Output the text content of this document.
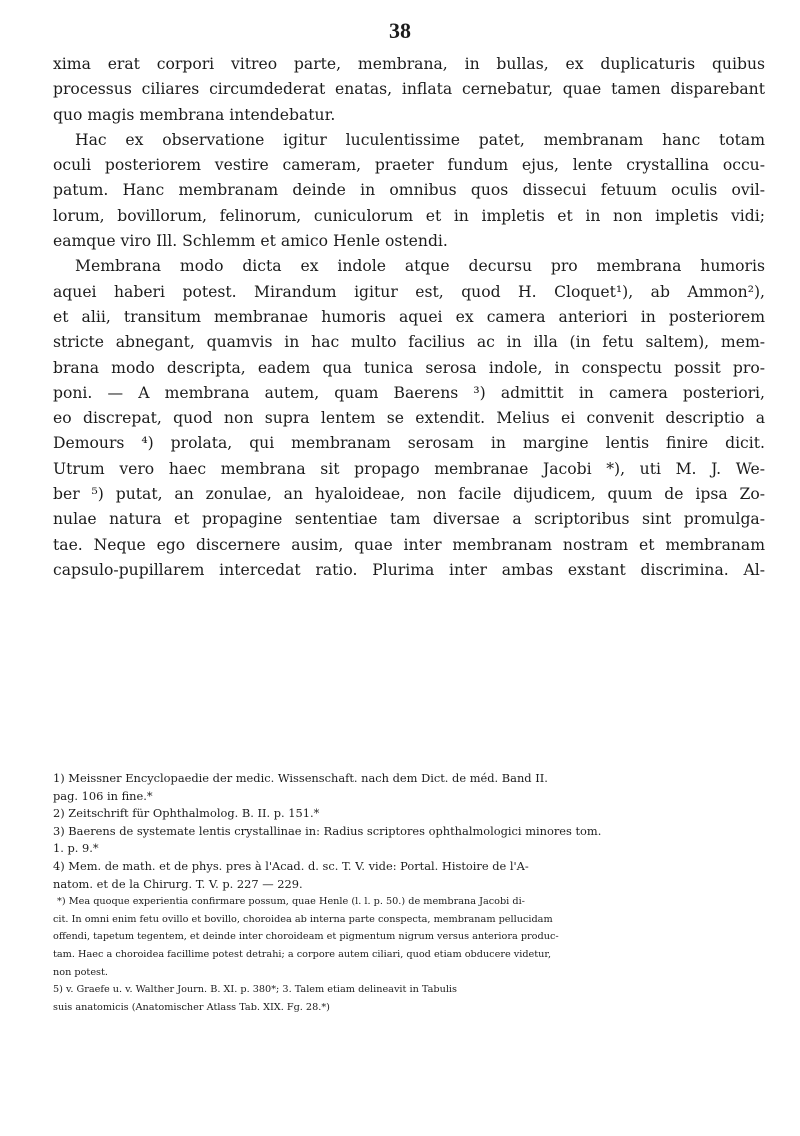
38
xima erat corpori vitreo parte, membrana, in bullas, ex duplicaturis quibus
processus ciliares circumdederat enatas, inflata cernebatur, quae tamen disparebant
quo magis membrana intendebatur.
Hac ex observatione igitur luculentissime patet, membranam hanc totam
oculi posteriorem vestire cameram, praeter fundum ejus, lente crystallina occu-
patum. Hanc membranam deinde in omnibus quos dissecui fetuum oculis ovil-
lorum, bovillorum, felinorum, cuniculorum et in impletis et in non impletis vidi;
eamque viro Ill. Schlemm et amico Henle ostendi.
Membrana modo dicta ex indole atque decursu pro membrana humoris
aquei haberi potest. Mirandum igitur est, quod H. Cloquet¹), ab Ammon²),
et alii, transitum membranae humoris aquei ex camera anteriori in posteriorem
stricte abnegant, quamvis in hac multo facilius ac in illa (in fetu saltem), mem-
brana modo descripta, eadem qua tunica serosa indole, in conspectu possit pro-
poni. — A membrana autem, quam Baerens ³) admittit in camera posteriori,
eo discrepat, quod non supra lentem se extendit. Melius ei convenit descriptio a
Demours ⁴) prolata, qui membranam serosam in margine lentis finire dicit.
Utrum vero haec membrana sit propago membranae Jacobi *), uti M. J. We-
ber ⁵) putat, an zonulae, an hyaloideae, non facile dijudicem, quum de ipsa Zo-
nulae natura et propagine sententiae tam diversae a scriptoribus sint promulga-
tae. Neque ego discernere ausim, quae inter membranam nostram et membranam
capsulo-pupillarem intercedat ratio. Plurima inter ambas exstant discrimina. Al-
1) Meissner Encyclopaedie der medic. Wissenschaft. nach dem Dict. de méd. Band II.
pag. 106 in fine.*
2) Zeitschrift für Ophthalmolog. B. II. p. 151.*
3) Baerens de systemate lentis crystallinae in: Radius scriptores ophthalmologici minores tom.
1. p. 9.*
4) Mem. de math. et de phys. pres à l'Acad. d. sc. T. V. vide: Portal. Histoire de l'A-
natom. et de la Chirurg. T. V. p. 227 — 229.
*) Mea quoque experientia confirmare possum, quae Henle (l. l. p. 50.) de membrana Jacobi di-
cit. In omni enim fetu ovillo et bovillo, choroidea ab interna parte conspecta, membranam pellucidam
offendi, tapetum tegentem, et deinde inter choroideam et pigmentum nigrum versus anteriora produc-
tam. Haec a choroidea facillime potest detrahi; a corpore autem ciliari, quod etiam obducere videtur,
non potest.
5) v. Graefe u. v. Walther Journ. B. XI. p. 380*; 3. Talem etiam delineavit in Tabulis
suis anatomicis (Anatomischer Atlass Tab. XIX. Fg. 28.*)
